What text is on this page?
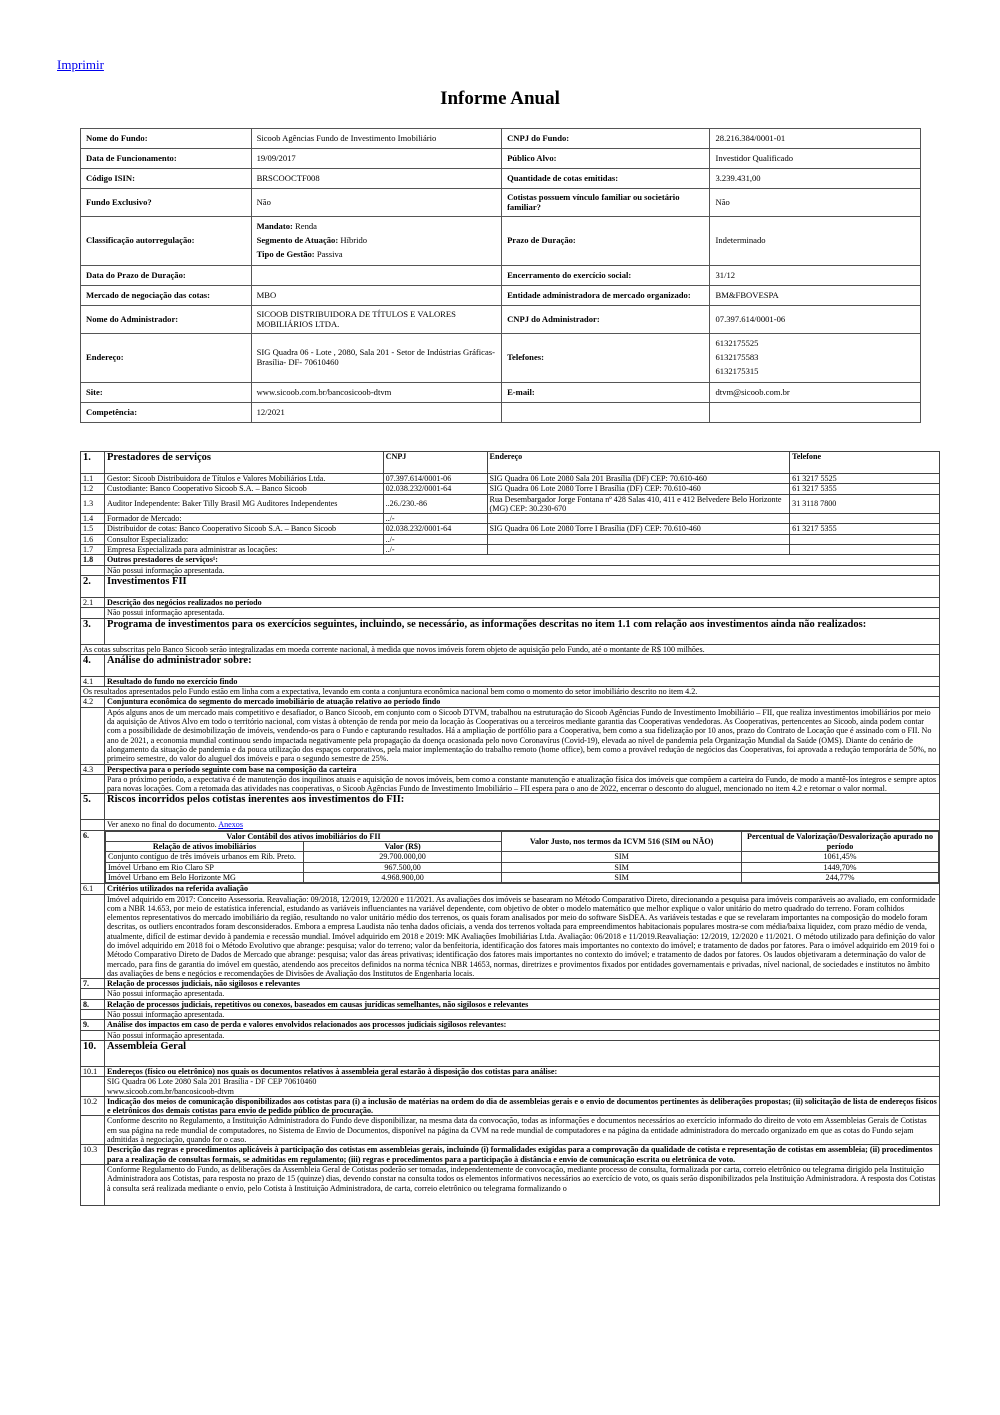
Imprimir
Informe Anual
Nome do Fundo:	Sicoob Agências Fundo de Investimento Imobiliário	CNPJ do Fundo:	28.216.384/0001-01
Data de Funcionamento:	19/09/2017	Público Alvo:	Investidor Qualificado
Código ISIN:	BRSCOOCTF008	Quantidade de cotas emitidas:	3.239.431,00
Fundo Exclusivo?	Não	Cotistas possuem vínculo familiar ou societário familiar?	Não
Classificação autorregulação:	Mandato: Renda
Segmento de Atuação: Híbrido
Tipo de Gestão: Passiva	Prazo de Duração:	Indeterminado
Data do Prazo de Duração:		Encerramento do exercício social:	31/12
Mercado de negociação das cotas:	MBO	Entidade administradora de mercado organizado:	BM&FBOVESPA
Nome do Administrador:	SICOOB DISTRIBUIDORA DE TÍTULOS E VALORES MOBILIÁRIOS LTDA.	CNPJ do Administrador:	07.397.614/0001-06
Endereço:	SIG Quadra 06 - Lote , 2080, Sala 201 - Setor de Indústrias Gráficas- Brasília- DF- 70610460	Telefones:	6132175525
6132175583
6132175315

Site:	www.sicoob.com.br/bancosicoob-dtvm	E-mail:	dtvm@sicoob.com.br
Competência:	12/2021		
1.	Prestadores de serviços	CNPJ	Endereço	Telefone
1.1	Gestor: Sicoob Distribuidora de Títulos e Valores Mobiliários Ltda.	07.397.614/0001-06	SIG Quadra 06 Lote 2080 Sala 201 Brasília (DF) CEP: 70.610-460	61 3217 5525
1.2	Custodiante: Banco Cooperativo Sicoob S.A. – Banco Sicoob	02.038.232/0001-64	SIG Quadra 06 Lote 2080 Torre I Brasília (DF) CEP: 70.610-460	61 3217 5355
1.3	Auditor Independente: Baker Tilly Brasil MG Auditores Independentes	..26./230.-86	Rua Desembargador Jorge Fontana nº 428 Salas 410, 411 e 412 Belvedere Belo Horizonte (MG) CEP: 30.230-670	31 3118 7800
1.4	Formador de Mercado:	../-		
1.5	Distribuidor de cotas: Banco Cooperativo Sicoob S.A. – Banco Sicoob	02.038.232/0001-64	SIG Quadra 06 Lote 2080 Torre I Brasília (DF) CEP: 70.610-460	61 3217 5355
1.6	Consultor Especializado:	../-		
1.7	Empresa Especializada para administrar as locações:	../-		
1.8	Outros prestadores de serviços¹:
	Não possui informação apresentada.
2.	Investimentos FII
2.1	Descrição dos negócios realizados no período
	Não possui informação apresentada.
3.	Programa de investimentos para os exercícios seguintes, incluindo, se necessário, as informações descritas no item 1.1 com relação aos investimentos ainda não realizados:
As cotas subscritas pelo Banco Sicoob serão integralizadas em moeda corrente nacional, à medida que novos imóveis forem objeto de aquisição pelo Fundo, até o montante de R$ 100 milhões.
4.	Análise do administrador sobre:
4.1	Resultado do fundo no exercício findo
Os resultados apresentados pelo Fundo estão em linha com a expectativa, levando em conta a conjuntura econômica nacional bem como o momento do setor imobiliário descrito no item 4.2.
4.2	Conjuntura econômica do segmento do mercado imobiliário de atuação relativo ao período findo
	Após alguns anos de um mercado mais competitivo e desafiador, o Banco Sicoob, em conjunto com o Sicoob DTVM, trabalhou na estruturação do Sicoob Agências Fundo de Investimento Imobiliário – FII, que realiza investimentos imobiliários por meio da aquisição de Ativos Alvo em todo o território nacional, com vistas à obtenção de renda por meio da locação às Cooperativas ou a terceiros mediante garantia das Cooperativas vendedoras. As Cooperativas, pertencentes ao Sicoob, ainda podem contar com a possibilidade de desimobilização de imóveis, vendendo-os para o Fundo e capturando resultados. Há a ampliação de portfólio para a Cooperativa, bem como a sua fidelização por 10 anos, prazo do Contrato de Locação que é assinado com o FII. No ano de 2021, a economia mundial continuou sendo impactada negativamente pela propagação da doença ocasionada pelo novo Coronavírus (Covid-19), elevada ao nível de pandemia pela Organização Mundial da Saúde (OMS). Diante do cenário de alongamento da situação de pandemia e da pouca utilização dos espaços corporativos, pela maior implementação do trabalho remoto (home office), bem como a provável redução de negócios das Cooperativas, foi aprovada a redução temporária de 50%, no primeiro semestre, do valor do aluguel dos imóveis e para o segundo semestre de 25%.
4.3	Perspectiva para o período seguinte com base na composição da carteira
	Para o próximo período, a expectativa é de manutenção dos inquilinos atuais e aquisição de novos imóveis, bem como a constante manutenção e atualização física dos imóveis que compõem a carteira do Fundo, de modo a mantê-los íntegros e sempre aptos para novas locações. Com a retomada das atividades nas cooperativas, o Sicoob Agências Fundo de Investimento Imobiliário – FII espera para o ano de 2022, encerrar o desconto do aluguel, mencionado no item 4.2 e retornar o valor normal.
5.	Riscos incorridos pelos cotistas inerentes aos investimentos do FII:
	Ver anexo no final do documento. Anexos
6.		Valor Contábil dos ativos imobiliários do FII	Valor Justo, nos termos da ICVM 516 (SIM ou NÃO)	Percentual de Valorização/Desvalorização apurado no período
Relação de ativos imobiliários	Valor (R$)
Conjunto contíguo de três imóveis urbanos em Rib. Preto.	29.700.000,00	SIM	1061,45%
Imóvel Urbano em Rio Claro SP	967.500,00	SIM	1449,70%
Imóvel Urbano em Belo Horizonte MG	4.968.900,00	SIM	244,77%

6.1	Critérios utilizados na referida avaliação
	Imóvel adquirido em 2017: Conceito Assessoria. Reavaliação: 09/2018, 12/2019, 12/2020 e 11/2021. As avaliações dos imóveis se basearam no Método Comparativo Direto, direcionando a pesquisa para imóveis comparáveis ao avaliado, em conformidade com a NBR 14.653, por meio de estatística inferencial, estudando as variáveis influenciantes na variável dependente, com objetivo de obter o modelo matemático que melhor explique o valor unitário do metro quadrado do terreno. Foram colhidos elementos representativos do mercado imobiliário da região, resultando no valor unitário médio dos terrenos, os quais foram analisados por meio do software SisDEA. As variáveis testadas e que se revelaram importantes na composição do modelo foram descritas, os outliers encontrados foram desconsiderados. Embora a empresa Laudista não tenha dados oficiais, a venda dos terrenos voltada para empreendimentos habitacionais populares mostra-se com média/baixa liquidez, com prazo médio de venda, atualmente, difícil de estimar devido à pandemia e recessão mundial. Imóvel adquirido em 2018 e 2019: MK Avaliações Imobiliárias Ltda. Avaliação: 06/2018 e 11/2019.Reavaliação: 12/2019, 12/2020 e 11/2021. O método utilizado para definição do valor do imóvel adquirido em 2018 foi o Método Evolutivo que abrange: pesquisa; valor do terreno; valor da benfeitoria, identificação dos fatores mais importantes no contexto do imóvel; e tratamento de dados por fatores. Para o imóvel adquirido em 2019 foi o Método Comparativo Direto de Dados de Mercado que abrange: pesquisa; valor das áreas privativas; identificação dos fatores mais importantes no contexto do imóvel; e tratamento de dados por fatores. Os laudos objetivaram a determinação do valor de mercado, para fins de garantia do imóvel em questão, atendendo aos preceitos definidos na norma técnica NBR 14653, normas, diretrizes e provimentos fixados por entidades governamentais e privadas, nível nacional, de sociedades e institutos no âmbito das avaliações de bens e negócios e recomendações de Divisões de Avaliação dos Institutos de Engenharia locais.
7.	Relação de processos judiciais, não sigilosos e relevantes
	Não possui informação apresentada.
8.	Relação de processos judiciais, repetitivos ou conexos, baseados em causas jurídicas semelhantes, não sigilosos e relevantes
	Não possui informação apresentada.
9.	Análise dos impactos em caso de perda e valores envolvidos relacionados aos processos judiciais sigilosos relevantes:
	Não possui informação apresentada.
10.	Assembleia Geral
10.1	Endereços (físico ou eletrônico) nos quais os documentos relativos à assembleia geral estarão à disposição dos cotistas para análise:

SIG Quadra 06 Lote 2080 Sala 201 Brasília - DF CEP 70610460
www.sicoob.com.br/bancosicoob-dtvm

10.2	Indicação dos meios de comunicação disponibilizados aos cotistas para (i) a inclusão de matérias na ordem do dia de assembleias gerais e o envio de documentos pertinentes às deliberações propostas; (ii) solicitação de lista de endereços físicos e eletrônicos dos demais cotistas para envio de pedido público de procuração.
	Conforme descrito no Regulamento, a Instituição Administradora do Fundo deve disponibilizar, na mesma data da convocação, todas as informações e documentos necessários ao exercício informado do direito de voto em Assembleias Gerais de Cotistas em sua página na rede mundial de computadores, no Sistema de Envio de Documentos, disponível na página da CVM na rede mundial de computadores e na página da entidade administradora do mercado organizado em que as cotas do Fundo sejam admitidas à negociação, quando for o caso.
10.3	Descrição das regras e procedimentos aplicáveis à participação dos cotistas em assembleias gerais, incluindo (i) formalidades exigidas para a comprovação da qualidade de cotista e representação de cotistas em assembleia; (ii) procedimentos para a realização de consultas formais, se admitidas em regulamento; (iii) regras e procedimentos para a participação à distância e envio de comunicação escrita ou eletrônica de voto.
	Conforme Regulamento do Fundo, as deliberações da Assembleia Geral de Cotistas poderão ser tomadas, independentemente de convocação, mediante processo de consulta, formalizada por carta, correio eletrônico ou telegrama dirigido pela Instituição Administradora aos Cotistas, para resposta no prazo de 15 (quinze) dias, devendo constar na consulta todos os elementos informativos necessários ao exercício de voto, os quais serão disponibilizados pela Instituição Administradora. A resposta dos Cotistas à consulta será realizada mediante o envio, pelo Cotista à Instituição Administradora, de carta, correio eletrônico ou telegrama formalizando o
